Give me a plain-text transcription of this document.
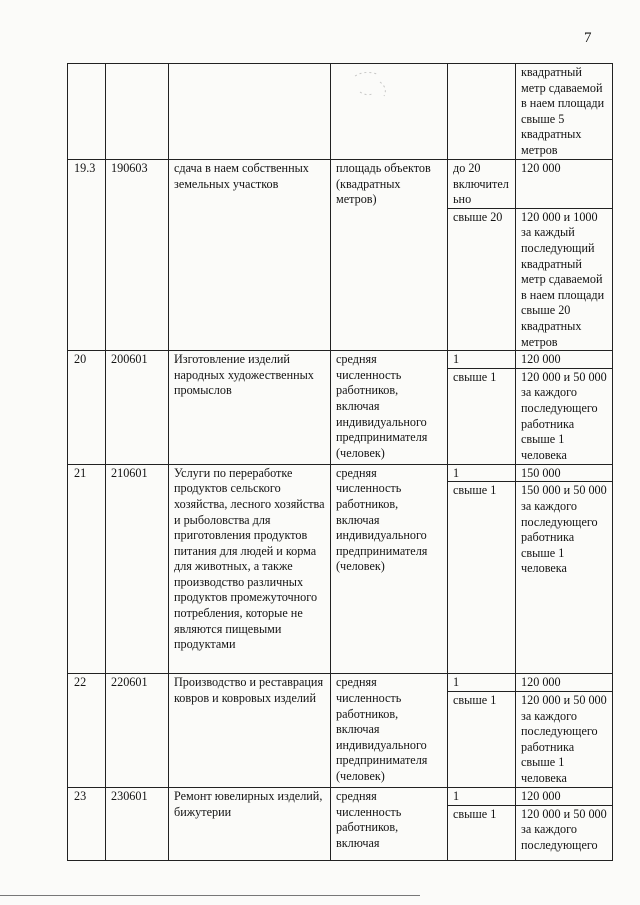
7
					квадратный метр сдаваемой в наем площади свыше 5 квадратных метров
19.3	190603	сдача в наем собственных земельных участков	площадь объектов (квадратных метров)	до 20 включительно	120 000
				свыше 20	120 000 и 1000 за каждый последующий квадратный метр сдаваемой в наем площади свыше 20 квадратных метров
20	200601	Изготовление изделий народных художественных промыслов	средняя численность работников, включая индивидуального предпринимателя (человек)	1	120 000
				свыше 1	120 000 и 50 000 за каждого последующего работника свыше 1 человека
21	210601	Услуги по переработке продуктов сельского хозяйства, лесного хозяйства и рыболовства для приготовления продуктов питания для людей и корма для животных, а также производство различных продуктов промежуточного потребления, которые не являются пищевыми продуктами	средняя численность работников, включая индивидуального предпринимателя (человек)	1	150 000
				свыше 1	150 000 и 50 000 за каждого последующего работника свыше 1 человека
22	220601	Производство и реставрация ковров и ковровых изделий	средняя численность работников, включая индивидуального предпринимателя (человек)	1	120 000
				свыше 1	120 000 и 50 000 за каждого последующего работника свыше 1 человека
23	230601	Ремонт ювелирных изделий, бижутерии	средняя численность работников, включая	1	120 000
				свыше 1	120 000 и 50 000 за каждого последующего
